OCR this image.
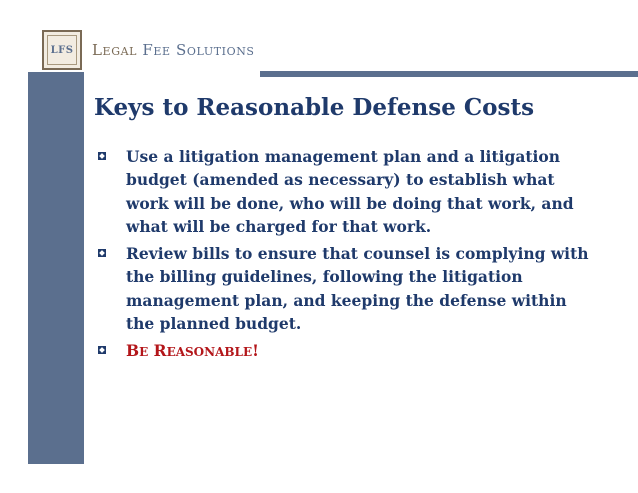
LFS Legal Fee Solutions
Keys to Reasonable Defense Costs
Use a litigation management plan and a litigation budget (amended as necessary) to establish what work will be done, who will be doing that work, and what will be charged for that work.
Review bills to ensure that counsel is complying with the billing guidelines, following the litigation management plan, and keeping the defense within the planned budget.
BE REASONABLE!
